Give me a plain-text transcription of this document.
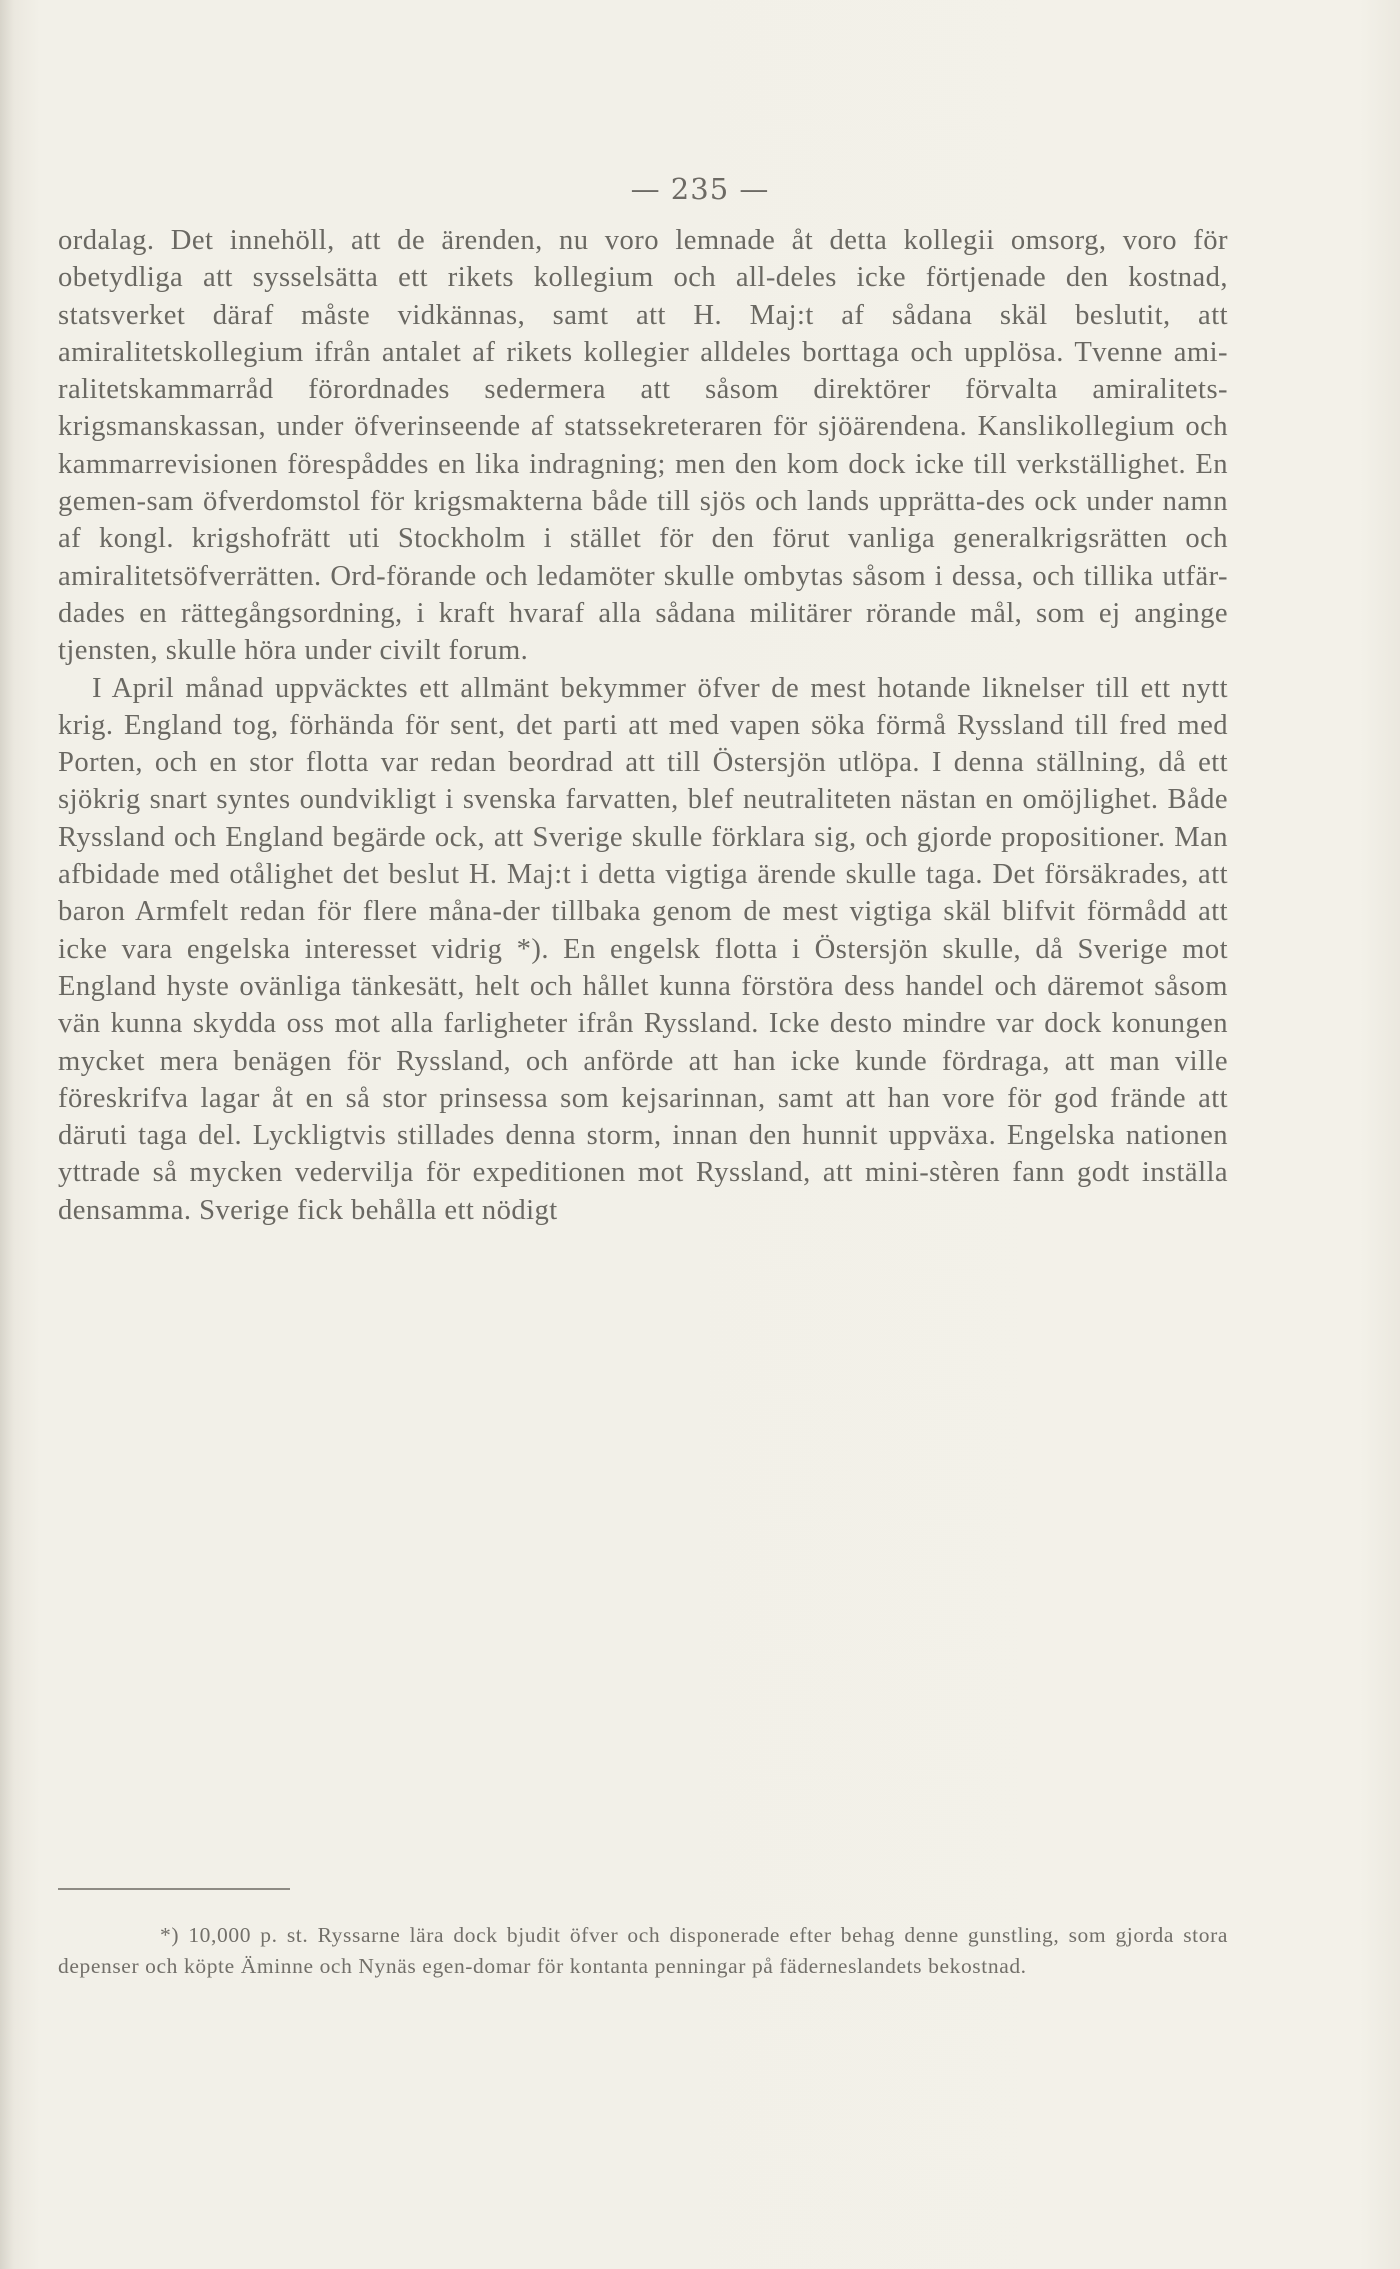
— 235 —

ordalag. Det innehöll, att de ärenden, nu voro lemnade åt detta kollegii omsorg, voro för obetydliga att sysselsätta ett rikets kollegium och all-deles icke förtjenade den kostnad, statsverket däraf måste vidkännas, samt att H. Maj:t af sådana skäl beslutit, att amiralitetskollegium ifrån antalet af rikets kollegier alldeles borttaga och upplösa. Tvenne ami-ralitetskammarråd förordnades sedermera att såsom direktörer förvalta amiralitets-krigsmanskassan, under öfverinseende af statssekreteraren för sjöärendena. Kanslikollegium och kammarrevisionen förespåddes en lika indragning; men den kom dock icke till verkställighet. En gemen-sam öfverdomstol för krigsmakterna både till sjös och lands upprätta-des ock under namn af kongl. krigshofrätt uti Stockholm i stället för den förut vanliga generalkrigsrätten och amiralitetsöfverrätten. Ord-förande och ledamöter skulle ombytas såsom i dessa, och tillika utfär-dades en rättegångsordning, i kraft hvaraf alla sådana militärer rörande mål, som ej anginge tjensten, skulle höra under civilt forum.

I April månad uppväcktes ett allmänt bekymmer öfver de mest hotande liknelser till ett nytt krig. England tog, förhända för sent, det parti att med vapen söka förmå Ryssland till fred med Porten, och en stor flotta var redan beordrad att till Östersjön utlöpa. I denna ställning, då ett sjökrig snart syntes oundvikligt i svenska farvatten, blef neutraliteten nästan en omöjlighet. Både Ryssland och England begärde ock, att Sverige skulle förklara sig, och gjorde propositioner. Man afbidade med otålighet det beslut H. Maj:t i detta vigtiga ärende skulle taga. Det försäkrades, att baron Armfelt redan för flere måna-der tillbaka genom de mest vigtiga skäl blifvit förmådd att icke vara engelska interesset vidrig *). En engelsk flotta i Östersjön skulle, då Sverige mot England hyste ovänliga tänkesätt, helt och hållet kunna förstöra dess handel och däremot såsom vän kunna skydda oss mot alla farligheter ifrån Ryssland. Icke desto mindre var dock konungen mycket mera benägen för Ryssland, och anförde att han icke kunde fördraga, att man ville föreskrifva lagar åt en så stor prinsessa som kejsarinnan, samt att han vore för god frände att däruti taga del. Lyckligtvis stillades denna storm, innan den hunnit uppväxa. Engelska nationen yttrade så mycken vedervilja för expeditionen mot Ryssland, att mini-stèren fann godt inställa densamma. Sverige fick behålla ett nödigt

*) 10,000 p. st. Ryssarne lära dock bjudit öfver och disponerade efter behag denne gunstling, som gjorda stora depenser och köpte Äminne och Nynäs egen-domar för kontanta penningar på fäderneslandets bekostnad.
